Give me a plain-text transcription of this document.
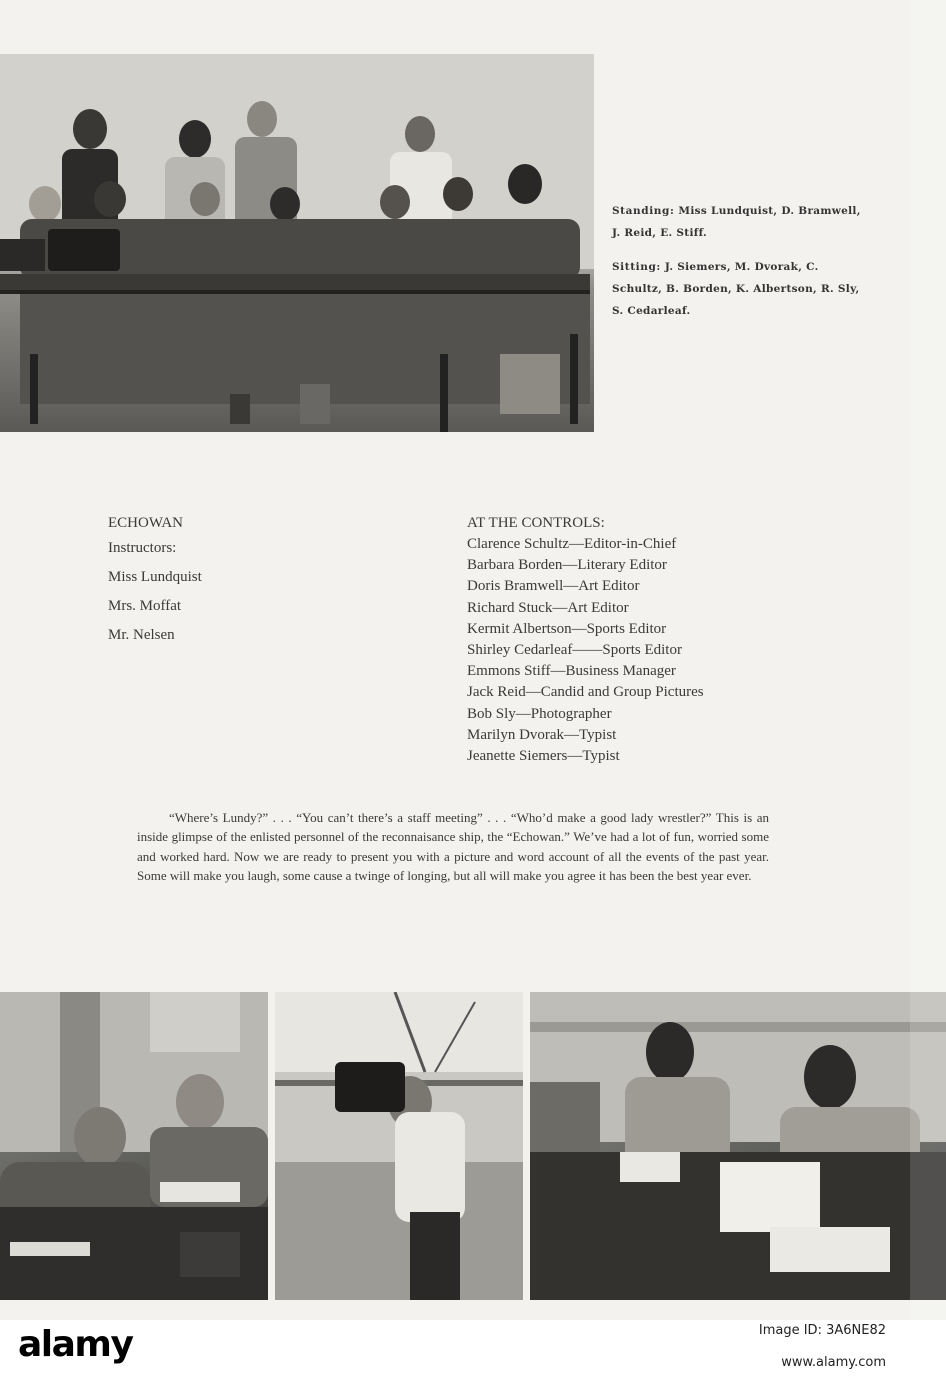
Standing: Miss Lundquist, D. Bramwell, J. Reid, E. Stiff.
Sitting: J. Siemers, M. Dvorak, C. Schultz, B. Borden, K. Albertson, R. Sly, S. Cedarleaf.
ECHOWAN
Instructors:
Miss Lundquist
Mrs. Moffat
Mr. Nelsen
AT THE CONTROLS:
Clarence Schultz—Editor-in-Chief
Barbara Borden—Literary Editor
Doris Bramwell—Art Editor
Richard Stuck—Art Editor
Kermit Albertson—Sports Editor
Shirley Cedarleaf——Sports Editor
Emmons Stiff—Business Manager
Jack Reid—Candid and Group Pictures
Bob Sly—Photographer
Marilyn Dvorak—Typist
Jeanette Siemers—Typist

“Where’s Lundy?” . . . “You can’t there’s a staff meeting” . . . “Who’d make a good lady wrestler?” This is an inside glimpse of the enlisted personnel of the reconnaisance ship, the “Echowan.” We’ve had a lot of fun, worried some and worked hard. Now we are ready to present you with a picture and word account of all the events of the past year. Some will make you laugh, some cause a twinge of longing, but all will make you agree it has been the best year ever.

alamy	Image ID: 3A6NE82
www.alamy.com
